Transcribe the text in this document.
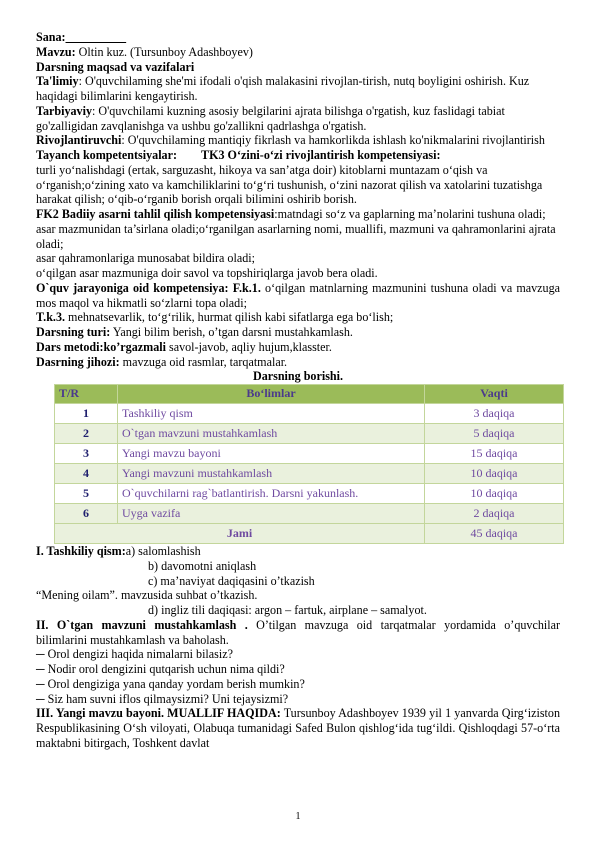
Sana:__________

Mavzu: Oltin kuz. (Tursunboy Adashboyev)

Darsning maqsad va vazifalari

Ta'limiy: O'quvchilaming she'mi ifodali o'qish malakasini rivojlan-tirish, nutq boyligini oshirish. Kuz haqidagi bilimlarini kengaytirish.

Tarbiyaviy: O'quvchilami kuzning asosiy belgilarini ajrata bilishga o'rgatish, kuz faslidagi tabiat go'zalligidan zavqlanishga va ushbu go'zallikni qadrlashga o'rgatish.

Rivojlantiruvchi: O'quvchilaming mantiqiy fikrlash va hamkorlikda ishlash ko'nikmalarini rivojlantirish

Tayanch kompetentsiyalar: TK3 O‘zini-o‘zi rivojlantirish kompetensiyasi:

turli yo‘nalishdagi (ertak, sarguzasht, hikoya va san’atga doir) kitoblarni muntazam o‘qish va o‘rganish;o‘zining xato va kamchiliklarini to‘g‘ri tushunish, o‘zini nazorat qilish va xatolarini tuzatishga harakat qilish; o‘qib-o‘rganib borish orqali bilimini oshirib borish.

FK2 Badiiy asarni tahlil qilish kompetensiyasi:matndagi so‘z va gaplarning ma’nolarini tushuna oladi; asar mazmunidan ta’sirlana oladi;o‘rganilgan asarlarning nomi, muallifi, mazmuni va qahramonlarini ajrata oladi;

asar qahramonlariga munosabat bildira oladi;

o‘qilgan asar mazmuniga doir savol va topshiriqlarga javob bera oladi.

O`quv jarayoniga oid kompetensiya: F.k.1. o‘qilgan matnlarning mazmunini tushuna oladi va mavzuga mos maqol va hikmatli so‘zlarni topa oladi;

T.k.3. mehnatsevarlik, to‘g‘rilik, hurmat qilish kabi sifatlarga ega bo‘lish;

Darsning turi: Yangi bilim berish, o’tgan darsni mustahkamlash.

Dars metodi:ko’rgazmali savol-javob, aqliy hujum,klasster.

Dasrning jihozi: mavzuga oid rasmlar, tarqatmalar.

Darsning borishi.

T/R	Bo‘limlar	Vaqti
1	Tashkiliy qism	3 daqiqa
2	O`tgan mavzuni mustahkamlash	5 daqiqa
3	Yangi mavzu bayoni	15 daqiqa
4	Yangi mavzuni mustahkamlash	10 daqiqa
5	O`quvchilarni rag`batlantirish. Darsni yakunlash.	10 daqiqa
6	Uyga vazifa	2 daqiqa
Jami		45 daqiqa

I. Tashkiliy qism:a) salomlashish

b) davomotni aniqlash

c) ma’naviyat daqiqasini o’tkazish

“Mening oilam”. mavzusida suhbat o’tkazish.

d) ingliz tili daqiqasi: argon – fartuk, airplane – samalyot.

II. O`tgan mavzuni mustahkamlash . O’tilgan mavzuga oid tarqatmalar yordamida o’quvchilar bilimlarini mustahkamlash va baholash.

─ Orol dengizi haqida nimalarni bilasiz?

─ Nodir orol dengizini qutqarish uchun nima qildi?

─ Orol dengiziga yana qanday yordam berish mumkin?

─ Siz ham suvni iflos qilmaysizmi? Uni tejaysizmi?

III. Yangi mavzu bayoni. MUALLIF HAQIDA: Tursunboy Adashboyev 1939 yil 1 yanvarda Qirg‘iziston Respublikasining O‘sh viloyati, Olabuqa tumanidagi Safed Bulon qishlog‘ida tug‘ildi. Qishloqdagi 57-o‘rta maktabni bitirgach, Toshkent davlat

1
